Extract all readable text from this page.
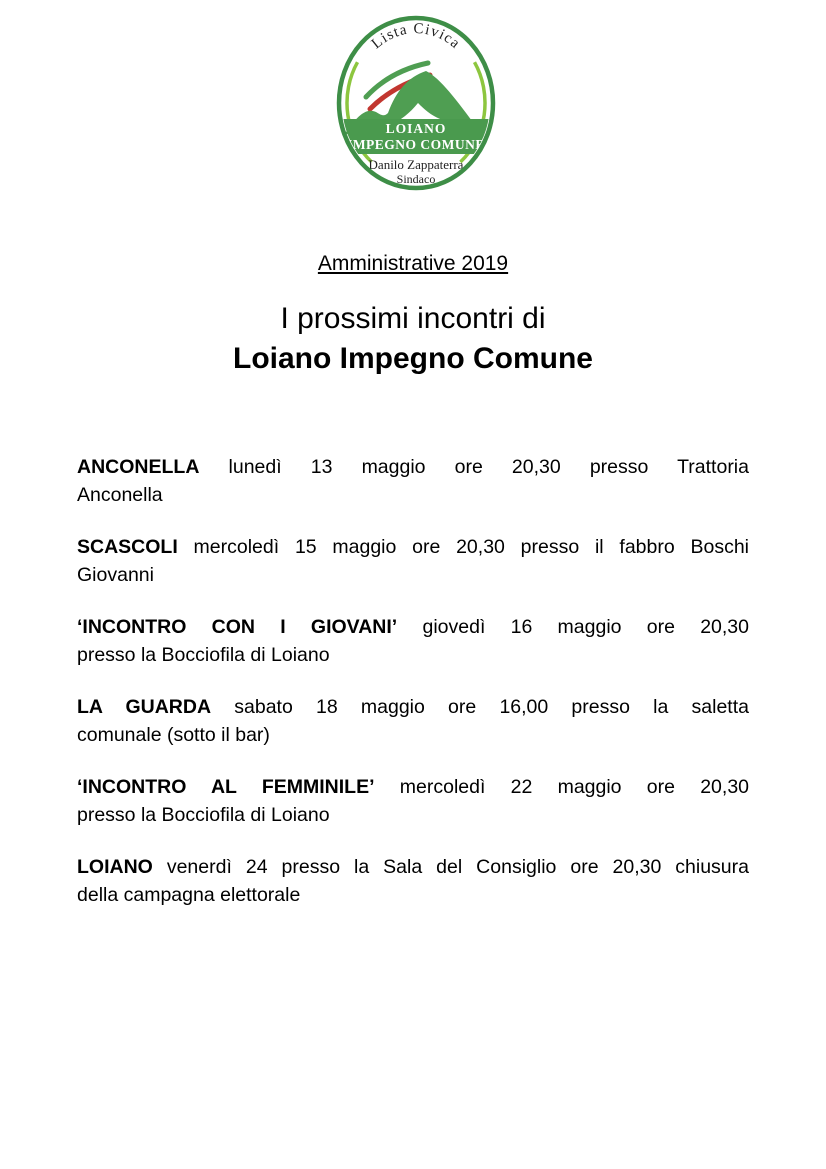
Lista Civica
LOIANO
IMPEGNO COMUNE
Danilo Zappaterra
Sindaco
Amministrative 2019
I prossimi incontri di
Loiano Impegno Comune

ANCONELLA lunedì 13 maggio ore 20,30 presso Trattoria
Anconella

SCASCOLI mercoledì 15 maggio ore 20,30 presso il fabbro Boschi
Giovanni

‘INCONTRO CON I GIOVANI’ giovedì 16 maggio ore 20,30
presso la Bocciofila di Loiano

LA GUARDA sabato 18 maggio ore 16,00 presso la saletta
comunale (sotto il bar)

‘INCONTRO AL FEMMINILE’ mercoledì 22 maggio ore 20,30
presso la Bocciofila di Loiano

LOIANO venerdì 24 presso la Sala del Consiglio ore 20,30 chiusura
della campagna elettorale
